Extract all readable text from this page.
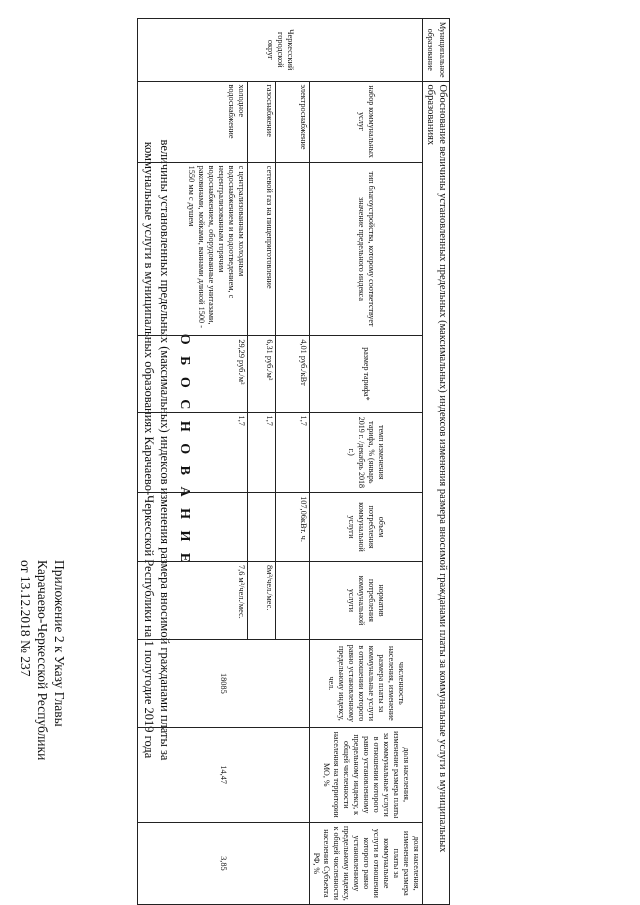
Приложение 2 к Указу Главы
Карачаево-Черкесской Республики
от 13.12.2018 № 237
О Б О С Н О В А Н И Е
величины установленных предельных (максимальных) индексов изменения размера вносимой гражданами платы за коммунальные услуги в муниципальных образованиях Карачаево-Черкесской Республики на 1 полугодие 2019 года
Муниципальное образование	Обоснование величины установленных предельных (максимальных) индексов изменения размера вносимой гражданами платы за коммунальные услуги в муниципальных образованиях								
Черкесский городской округ	набор коммунальных услуг	тип благоустройства, которому соответствует значение предельного индекса	размер тарифа*	темп изменения тарифа, % (январь 2019 г. /декабрь 2018 г.)	объем потребления коммунальной услуги	норматив потребления коммунальной услуги	численность населения, изменение размера платы за коммунальные услуги в отношении которого равно установленному предельному индексу, чел.	доля населения, изменение размера платы за коммунальные услуги в отношении которого равно установленному предельному индексу, к общей численности населения на территории МО, %	доля населения, изменение размера платы за коммунальные услуги в отношении которого равно установленному предельному индексу, к общей численности населения Субъекта РФ, %
	электроснабжение		4,01 руб./кВт	1,7	107,06кВт. ч.		18085	14,47	3,85
	газоснабжение	сетевой газ на пищеприготовление	6,31 руб./м³	1,7		8м³/чел./мес.			
	холодное водоснабжение	с централизованным холодным водоснабжением и водоотведением, с нецентрализованным горячим водоснабжением, оборудованные унитазами, раковинами, мойками, ваннами длиной 1500 - 1550 мм с душем	29,29 руб./м³	1,7		7,6 м³/чел./мес.			
